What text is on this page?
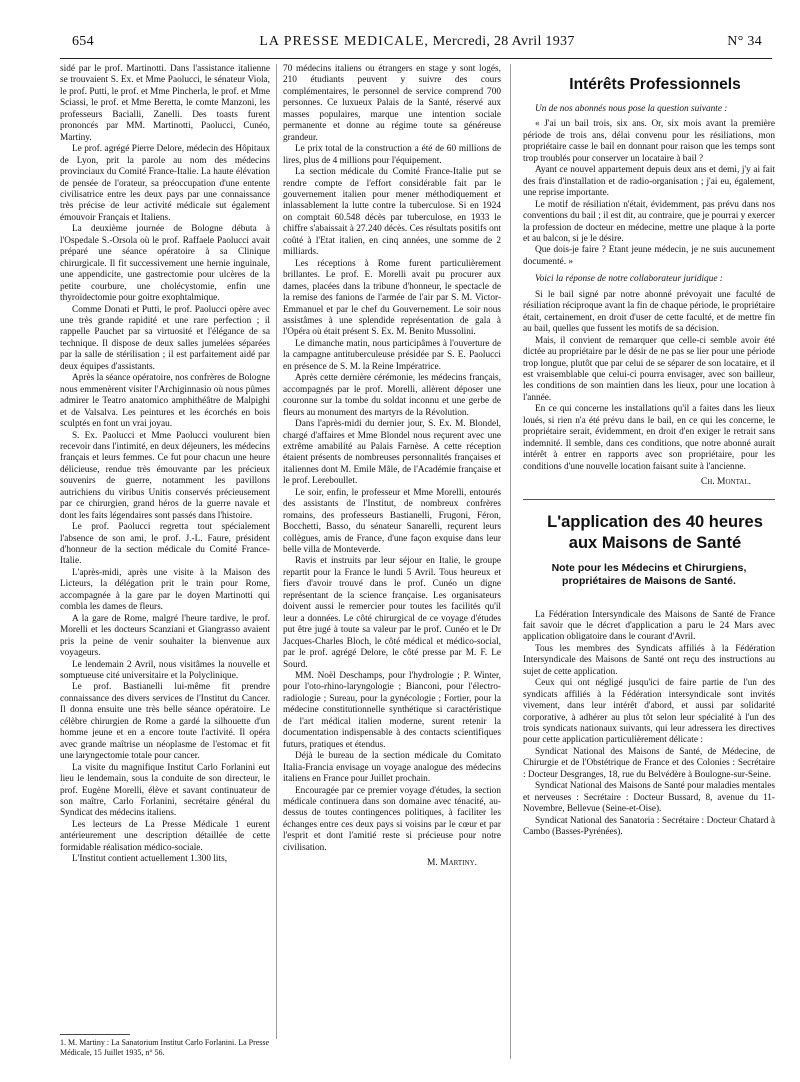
654	LA PRESSE MEDICALE, Mercredi, 28 Avril 1937	N° 34

sidé par le prof. Martinotti. Dans l'assistance italienne se trouvaient S. Ex. et Mme Paolucci, le sénateur Viola, le prof. Putti, le prof. et Mme Pincherla, le prof. et Mme Sciassi, le prof. et Mme Beretta, le comte Manzoni, les professeurs Bacialli, Zanelli. Des toasts furent prononcés par MM. Martinotti, Paolucci, Cunéo, Martiny.

Le prof. agrégé Pierre Delore, médecin des Hôpitaux de Lyon, prit la parole au nom des médecins provinciaux du Comité France-Italie. La haute élévation de pensée de l'orateur, sa préoccupation d'une entente civilisatrice entre les deux pays par une connaissance très précise de leur activité médicale sut également émouvoir Français et Italiens.

La deuxième journée de Bologne débuta à l'Ospedale S.-Orsola où le prof. Raffaele Paolucci avait préparé une séance opératoire à sa Clinique chirurgicale. Il fit successivement une hernie inguinale, une appendicite, une gastrectomie pour ulcères de la petite courbure, une cholécystomie, enfin une thyroïdectomie pour goitre exophtalmique.

Comme Donati et Putti, le prof. Paolucci opère avec une très grande rapidité et une rare perfection ; il rappelle Pauchet par sa virtuosité et l'élégance de sa technique. Il dispose de deux salles jumelées séparées par la salle de stérilisation ; il est parfaitement aidé par deux équipes d'assistants.

Après la séance opératoire, nos confrères de Bologne nous emmenèrent visiter l'Archiginnasio où nous pûmes admirer le Teatro anatomico amphithéâtre de Malpighi et de Valsalva. Les peintures et les écorchés en bois sculptés en font un vrai joyau.

S. Ex. Paolucci et Mme Paolucci voulurent bien recevoir dans l'intimité, en deux déjeuners, les médecins français et leurs femmes. Ce fut pour chacun une heure délicieuse, rendue très émouvante par les précieux souvenirs de guerre, notamment les pavillons autrichiens du viribus Unitis conservés précieusement par ce chirurgien, grand héros de la guerre navale et dont les faits légendaires sont passés dans l'histoire.

Le prof. Paolucci regretta tout spécialement l'absence de son ami, le prof. J.-L. Faure, président d'honneur de la section médicale du Comité France-Italie.

L'après-midi, après une visite à la Maison des Licteurs, la délégation prit le train pour Rome, accompagnée à la gare par le doyen Martinotti qui combla les dames de fleurs.

A la gare de Rome, malgré l'heure tardive, le prof. Morelli et les docteurs Scanziani et Giangrasso avaient pris la peine de venir souhaiter la bienvenue aux voyageurs.

Le lendemain 2 Avril, nous visitâmes la nouvelle et somptueuse cité universitaire et la Polyclinique.

Le prof. Bastianelli lui-même fit prendre connaissance des divers services de l'Institut du Cancer. Il donna ensuite une très belle séance opératoire. Le célèbre chirurgien de Rome a gardé la silhouette d'un homme jeune et en a encore toute l'activité. Il opéra avec grande maîtrise un néoplasme de l'estomac et fit une laryngectomie totale pour cancer.

La visite du magnifique Institut Carlo Forlanini eut lieu le lendemain, sous la conduite de son directeur, le prof. Eugène Morelli, élève et savant continuateur de son maître, Carlo Forlanini, secrétaire général du Syndicat des médecins italiens.

Les lecteurs de La Presse Médicale 1 eurent antérieurement une description détaillée de cette formidable réalisation médico-sociale.

L'Institut contient actuellement 1.300 lits,

1. M. Martiny : La Sanatorium Institut Carlo Forlanini. La Presse Médicale, 15 Juillet 1935, n° 56.

70 médecins italiens ou étrangers en stage y sont logés, 210 étudiants peuvent y suivre des cours complémentaires, le personnel de service comprend 700 personnes. Ce luxueux Palais de la Santé, réservé aux masses populaires, marque une intention sociale permanente et donne au régime toute sa généreuse grandeur.

Le prix total de la construction a été de 60 millions de lires, plus de 4 millions pour l'équipement.

La section médicale du Comité France-Italie put se rendre compte de l'effort considérable fait par le gouvernement italien pour mener méthodiquement et inlassablement la lutte contre la tuberculose. Si en 1924 on comptait 60.548 décès par tuberculose, en 1933 le chiffre s'abaissait à 27.240 décès. Ces résultats positifs ont coûté à l'Etat italien, en cinq années, une somme de 2 milliards.

Les réceptions à Rome furent particulièrement brillantes. Le prof. E. Morelli avait pu procurer aux dames, placées dans la tribune d'honneur, le spectacle de la remise des fanions de l'armée de l'air par S. M. Victor-Emmanuel et par le chef du Gouvernement. Le soir nous assistâmes à une splendide représentation de gala à l'Opéra où était présent S. Ex. M. Benito Mussolini.

Le dimanche matin, nous participâmes à l'ouverture de la campagne antituberculeuse présidée par S. E. Paolucci en présence de S. M. la Reine Impératrice.

Après cette dernière cérémonie, les médecins français, accompagnés par le prof. Morelli, allèrent déposer une couronne sur la tombe du soldat inconnu et une gerbe de fleurs au monument des martyrs de la Révolution.

Dans l'après-midi du dernier jour, S. Ex. M. Blondel, chargé d'affaires et Mme Blondel nous reçurent avec une extrême amabilité au Palais Farnèse. A cette réception étaient présents de nombreuses personnalités françaises et italiennes dont M. Emile Mâle, de l'Académie française et le prof. Lereboullet.

Le soir, enfin, le professeur et Mme Morelli, entourés des assistants de l'Institut, de nombreux confrères romains, des professeurs Bastianelli, Frugoni, Féron, Bocchetti, Basso, du sénateur Sanarelli, reçurent leurs collègues, amis de France, d'une façon exquise dans leur belle villa de Monteverde.

Ravis et instruits par leur séjour en Italie, le groupe repartit pour la France le lundi 5 Avril. Tous heureux et fiers d'avoir trouvé dans le prof. Cunéo un digne représentant de la science française. Les organisateurs doivent aussi le remercier pour toutes les facilités qu'il leur a données. Le côté chirurgical de ce voyage d'études put être jugé à toute sa valeur par le prof. Cunéo et le Dr Jacques-Charles Bloch, le côté médical et médico-social, par le prof. agrégé Delore, le côté presse par M. F. Le Sourd.

MM. Noël Deschamps, pour l'hydrologie ; P. Winter, pour l'oto-rhino-laryngologie ; Bianconi, pour l'électro-radiologie ; Sureau, pour la gynécologie ; Fortier, pour la médecine constitutionnelle synthétique si caractéristique de l'art médical italien moderne, surent retenir la documentation indispensable à des contacts scientifiques futurs, pratiques et étendus.

Déjà le bureau de la section médicale du Comitato Italia-Francia envisage un voyage analogue des médecins italiens en France pour Juillet prochain.

Encouragée par ce premier voyage d'études, la section médicale continuera dans son domaine avec ténacité, au-dessus de toutes contingences politiques, à faciliter les échanges entre ces deux pays si voisins par le cœur et par l'esprit et dont l'amitié reste si précieuse pour notre civilisation.

M. Martiny.

Intérêts Professionnels

Un de nos abonnés nous pose la question suivante :

« J'ai un bail trois, six ans. Or, six mois avant la première période de trois ans, délai convenu pour les résiliations, mon propriétaire casse le bail en donnant pour raison que les temps sont trop troublés pour conserver un locataire à bail ?

Ayant ce nouvel appartement depuis deux ans et demi, j'y ai fait des frais d'installation et de radio-organisation ; j'ai eu, également, une reprise importante.

Le motif de résiliation n'était, évidemment, pas prévu dans nos conventions du bail ; il est dit, au contraire, que je pourrai y exercer la profession de docteur en médecine, mettre une plaque à la porte et au balcon, si je le désire.

Que dois-je faire ? Etant jeune médecin, je ne suis aucunement documenté. »

Voici la réponse de notre collaborateur juridique :

Si le bail signé par notre abonné prévoyait une faculté de résiliation réciproque avant la fin de chaque période, le propriétaire était, certainement, en droit d'user de cette faculté, et de mettre fin au bail, quelles que fussent les motifs de sa décision.

Mais, il convient de remarquer que celle-ci semble avoir été dictée au propriétaire par le désir de ne pas se lier pour une période trop longue, plutôt que par celui de se séparer de son locataire, et il est vraisemblable que celui-ci pourra envisager, avec son bailleur, les conditions de son maintien dans les lieux, pour une location à l'année.

En ce qui concerne les installations qu'il a faites dans les lieux loués, si rien n'a été prévu dans le bail, en ce qui les concerne, le propriétaire serait, évidemment, en droit d'en exiger le retrait sans indemnité. Il semble, dans ces conditions, que notre abonné aurait intérêt à entrer en rapports avec son propriétaire, pour les conditions d'une nouvelle location faisant suite à l'ancienne.

Ch. Montal.

L'application des 40 heures

aux Maisons de Santé

Note pour les Médecins et Chirurgiens,
propriétaires de Maisons de Santé.

La Fédération Intersyndicale des Maisons de Santé de France fait savoir que le décret d'application a paru le 24 Mars avec application obligatoire dans le courant d'Avril.

Tous les membres des Syndicats affiliés à la Fédération Intersyndicale des Maisons de Santé ont reçu des instructions au sujet de cette application.

Ceux qui ont négligé jusqu'ici de faire partie de l'un des syndicats affiliés à la Fédération intersyndicale sont invités vivement, dans leur intérêt d'abord, et aussi par solidarité corporative, à adhérer au plus tôt selon leur spécialité à l'un des trois syndicats nationaux suivants, qui leur adressera les directives pour cette application particulièrement délicate :

Syndicat National des Maisons de Santé, de Médecine, de Chirurgie et de l'Obstétrique de France et des Colonies : Secrétaire : Docteur Desgranges, 18, rue du Belvédère à Boulogne-sur-Seine.

Syndicat National des Maisons de Santé pour maladies mentales et nerveuses : Secrétaire : Docteur Bussard, 8, avenue du 11-Novembre, Bellevue (Seine-et-Oise).

Syndicat National des Sanatoria : Secrétaire : Docteur Chatard à Cambo (Basses-Pyrénées).
